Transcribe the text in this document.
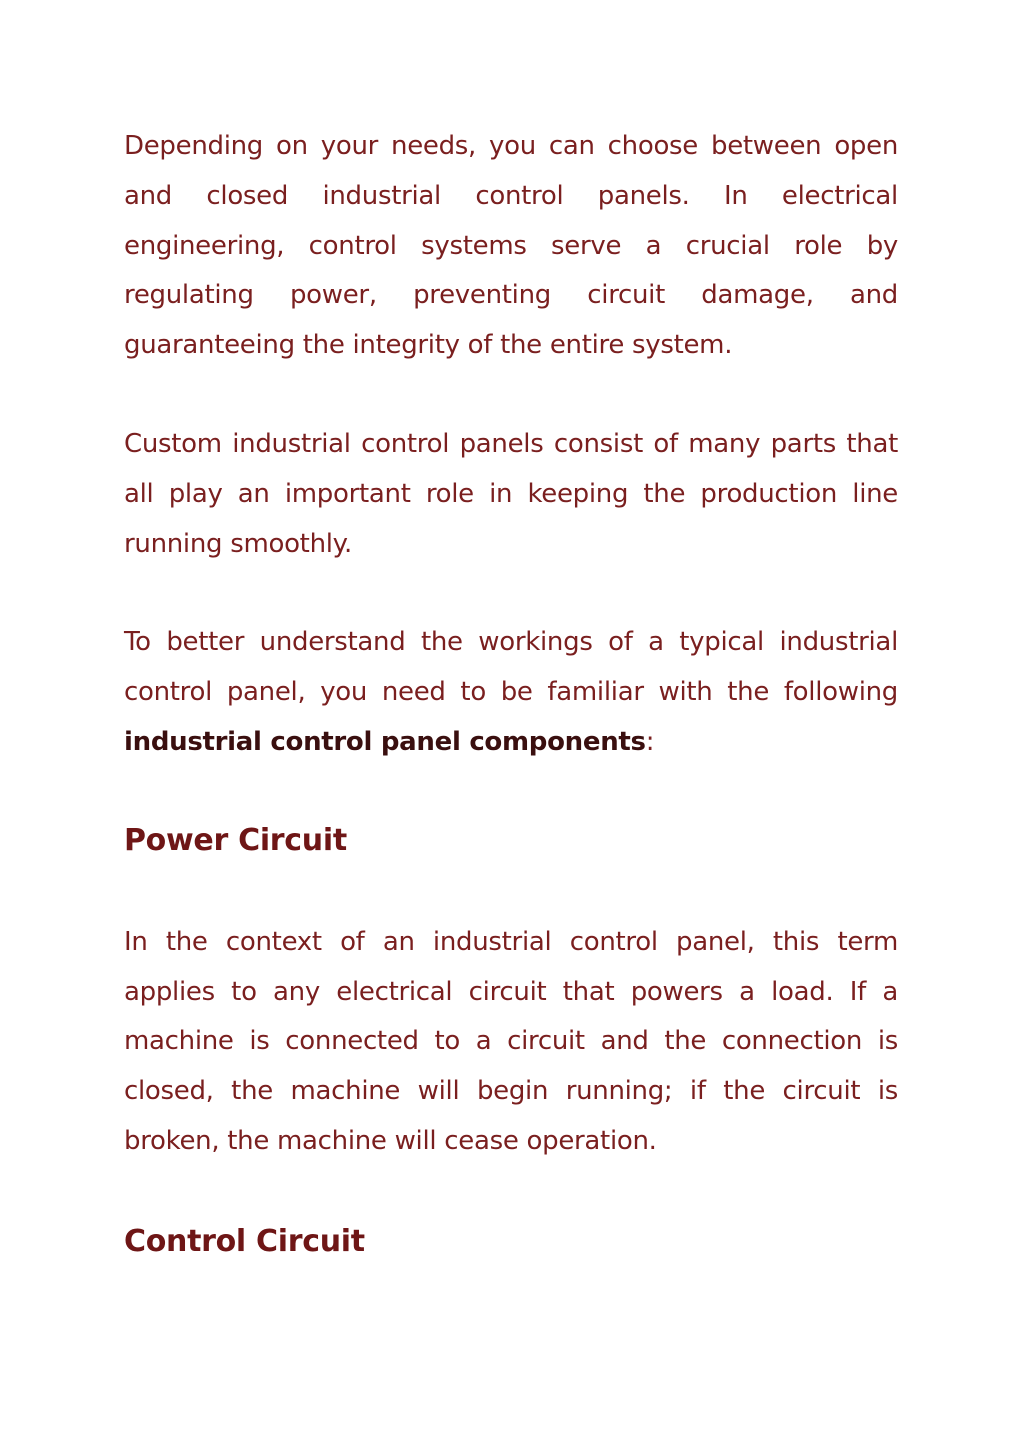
Depending on your needs, you can choose between open and closed industrial control panels. In electrical engineering, control systems serve a crucial role by regulating power, preventing circuit damage, and guaranteeing the integrity of the entire system.

Custom industrial control panels consist of many parts that all play an important role in keeping the production line running smoothly.

To better understand the workings of a typical industrial control panel, you need to be familiar with the following industrial control panel components:

Power Circuit

In the context of an industrial control panel, this term applies to any electrical circuit that powers a load. If a machine is connected to a circuit and the connection is closed, the machine will begin running; if the circuit is broken, the machine will cease operation.

Control Circuit
